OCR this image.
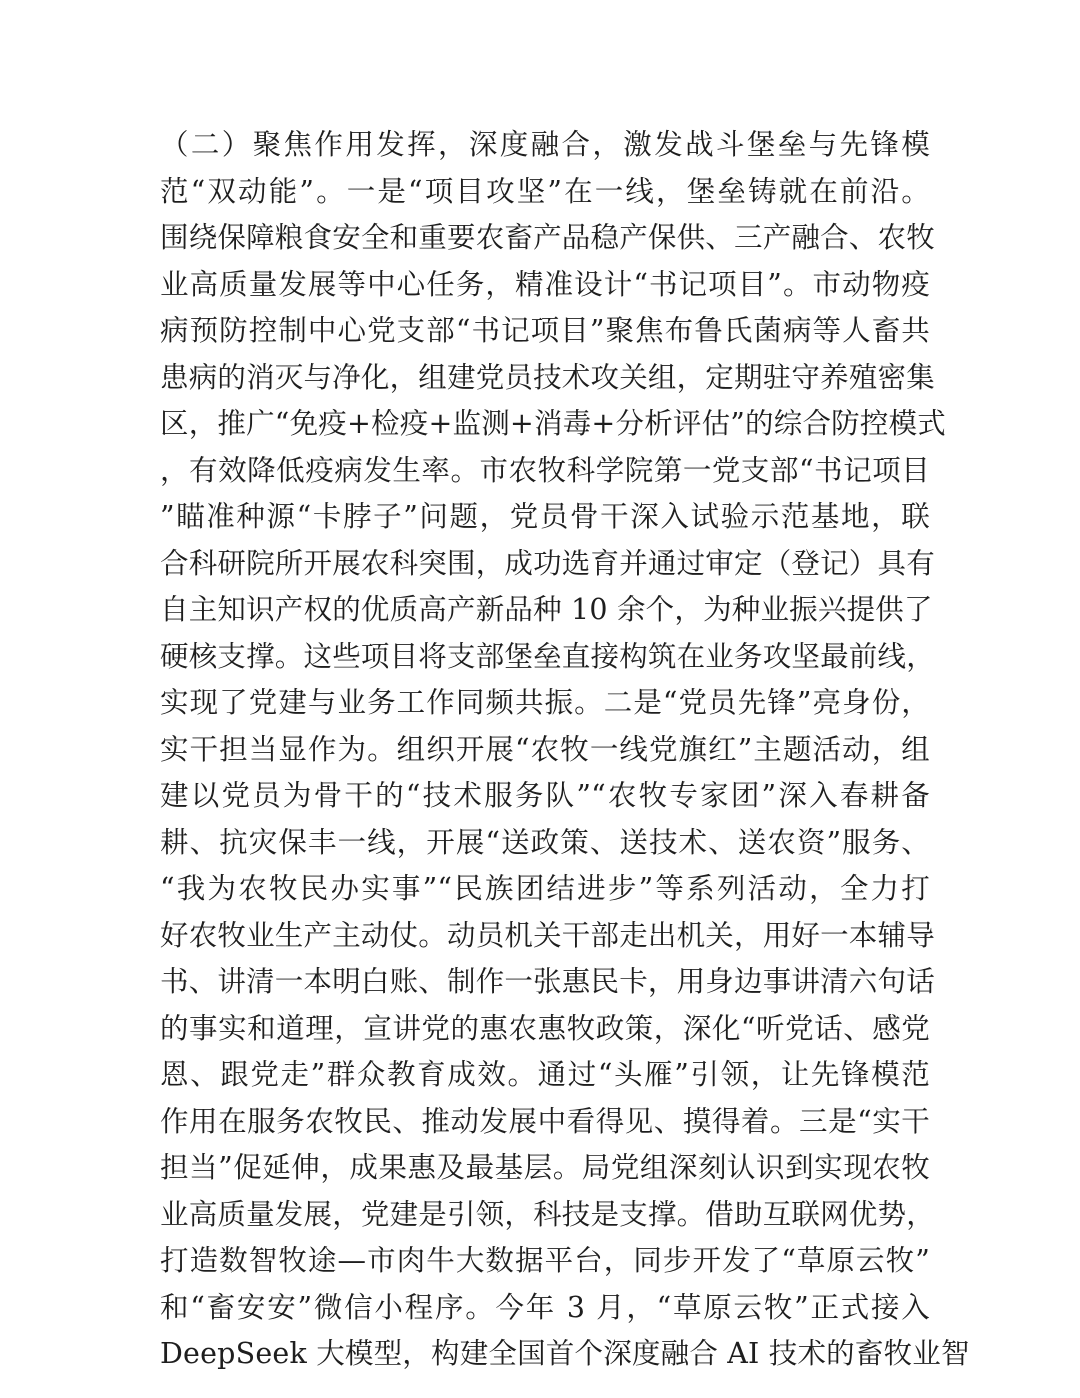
（二）聚焦作用发挥，深度融合，激发战斗堡垒与先锋模
范“双动能”。一是“项目攻坚”在一线，堡垒铸就在前沿。
围绕保障粮食安全和重要农畜产品稳产保供、三产融合、农牧
业高质量发展等中心任务，精准设计“书记项目”。市动物疫
病预防控制中心党支部“书记项目”聚焦布鲁氏菌病等人畜共
患病的消灭与净化，组建党员技术攻关组，定期驻守养殖密集
区，推广“免疫+检疫+监测+消毒+分析评估”的综合防控模式
，有效降低疫病发生率。市农牧科学院第一党支部“书记项目
”瞄准种源“卡脖子”问题，党员骨干深入试验示范基地，联
合科研院所开展农科突围，成功选育并通过审定（登记）具有
自主知识产权的优质高产新品种 10 余个，为种业振兴提供了
硬核支撑。这些项目将支部堡垒直接构筑在业务攻坚最前线，
实现了党建与业务工作同频共振。二是“党员先锋”亮身份，
实干担当显作为。组织开展“农牧一线党旗红”主题活动，组
建以党员为骨干的“技术服务队”“农牧专家团”深入春耕备
耕、抗灾保丰一线，开展“送政策、送技术、送农资”服务、
“我为农牧民办实事”“民族团结进步”等系列活动，全力打
好农牧业生产主动仗。动员机关干部走出机关，用好一本辅导
书、讲清一本明白账、制作一张惠民卡，用身边事讲清六句话
的事实和道理，宣讲党的惠农惠牧政策，深化“听党话、感党
恩、跟党走”群众教育成效。通过“头雁”引领，让先锋模范
作用在服务农牧民、推动发展中看得见、摸得着。三是“实干
担当”促延伸，成果惠及最基层。局党组深刻认识到实现农牧
业高质量发展，党建是引领，科技是支撑。借助互联网优势，
打造数智牧途—市肉牛大数据平台，同步开发了“草原云牧”
和“畜安安”微信小程序。今年 3 月，“草原云牧”正式接入
DeepSeek 大模型，构建全国首个深度融合 AI 技术的畜牧业智
